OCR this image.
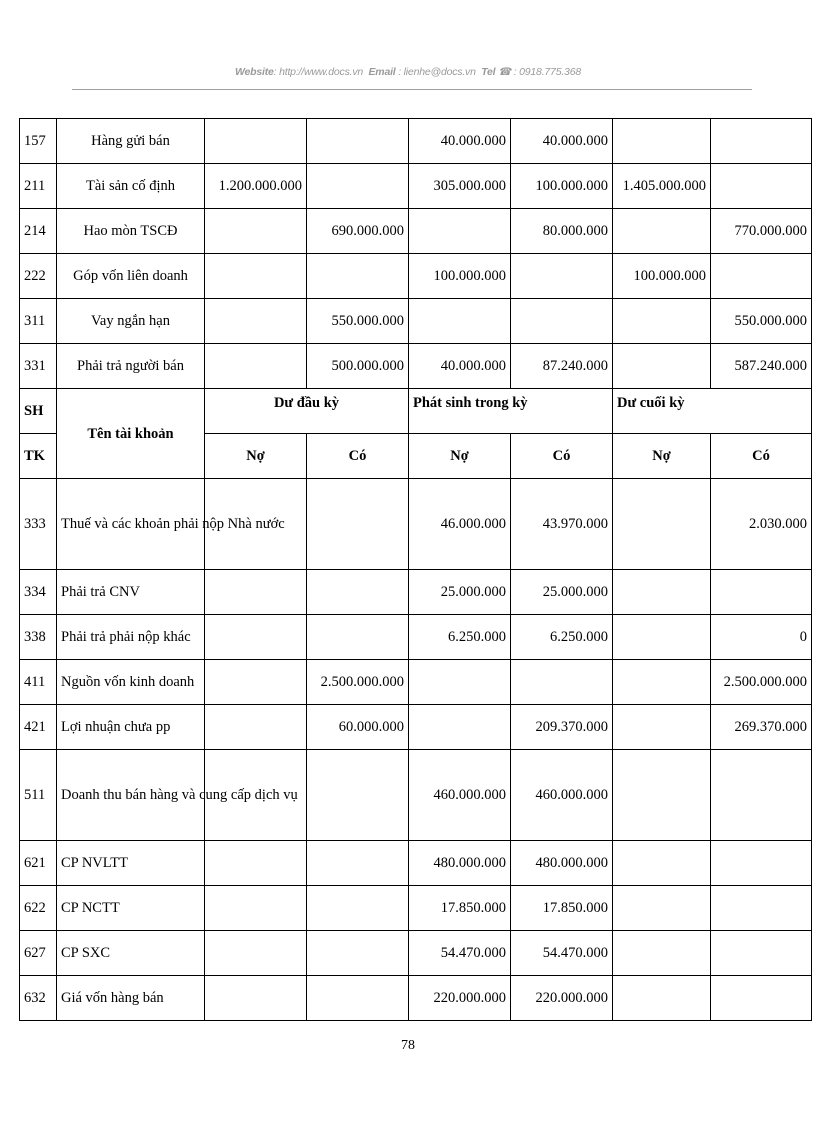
Website: http://www.docs.vn Email : lienhe@docs.vn Tel ☎ : 0918.775.368
157	Hàng gửi bán			40.000.000	40.000.000		
211	Tài sản cố định	1.200.000.000		305.000.000	100.000.000	1.405.000.000	
214	Hao mòn TSCĐ		690.000.000		80.000.000		770.000.000
222	Góp vốn liên doanh			100.000.000		100.000.000	
311	Vay ngắn hạn		550.000.000				550.000.000
331	Phải trả người bán		500.000.000	40.000.000	87.240.000		587.240.000
SH	Tên tài khoản	Dư đầu kỳ		Phát sinh trong kỳ		Dư cuối kỳ	
TK		Nợ	Có	Nợ	Có	Nợ	Có
333	Thuế và các khoản phải nộp Nhà nước			46.000.000	43.970.000		2.030.000
334	Phải trả CNV			25.000.000	25.000.000		
338	Phải trả phải nộp khác			6.250.000	6.250.000		0
411	Nguồn vốn kinh doanh		2.500.000.000				2.500.000.000
421	Lợi nhuận chưa pp		60.000.000		209.370.000		269.370.000
511	Doanh thu bán hàng và cung cấp dịch vụ			460.000.000	460.000.000		
621	CP NVLTT			480.000.000	480.000.000		
622	CP NCTT			17.850.000	17.850.000		
627	CP SXC			54.470.000	54.470.000		
632	Giá vốn hàng bán			220.000.000	220.000.000		
78
